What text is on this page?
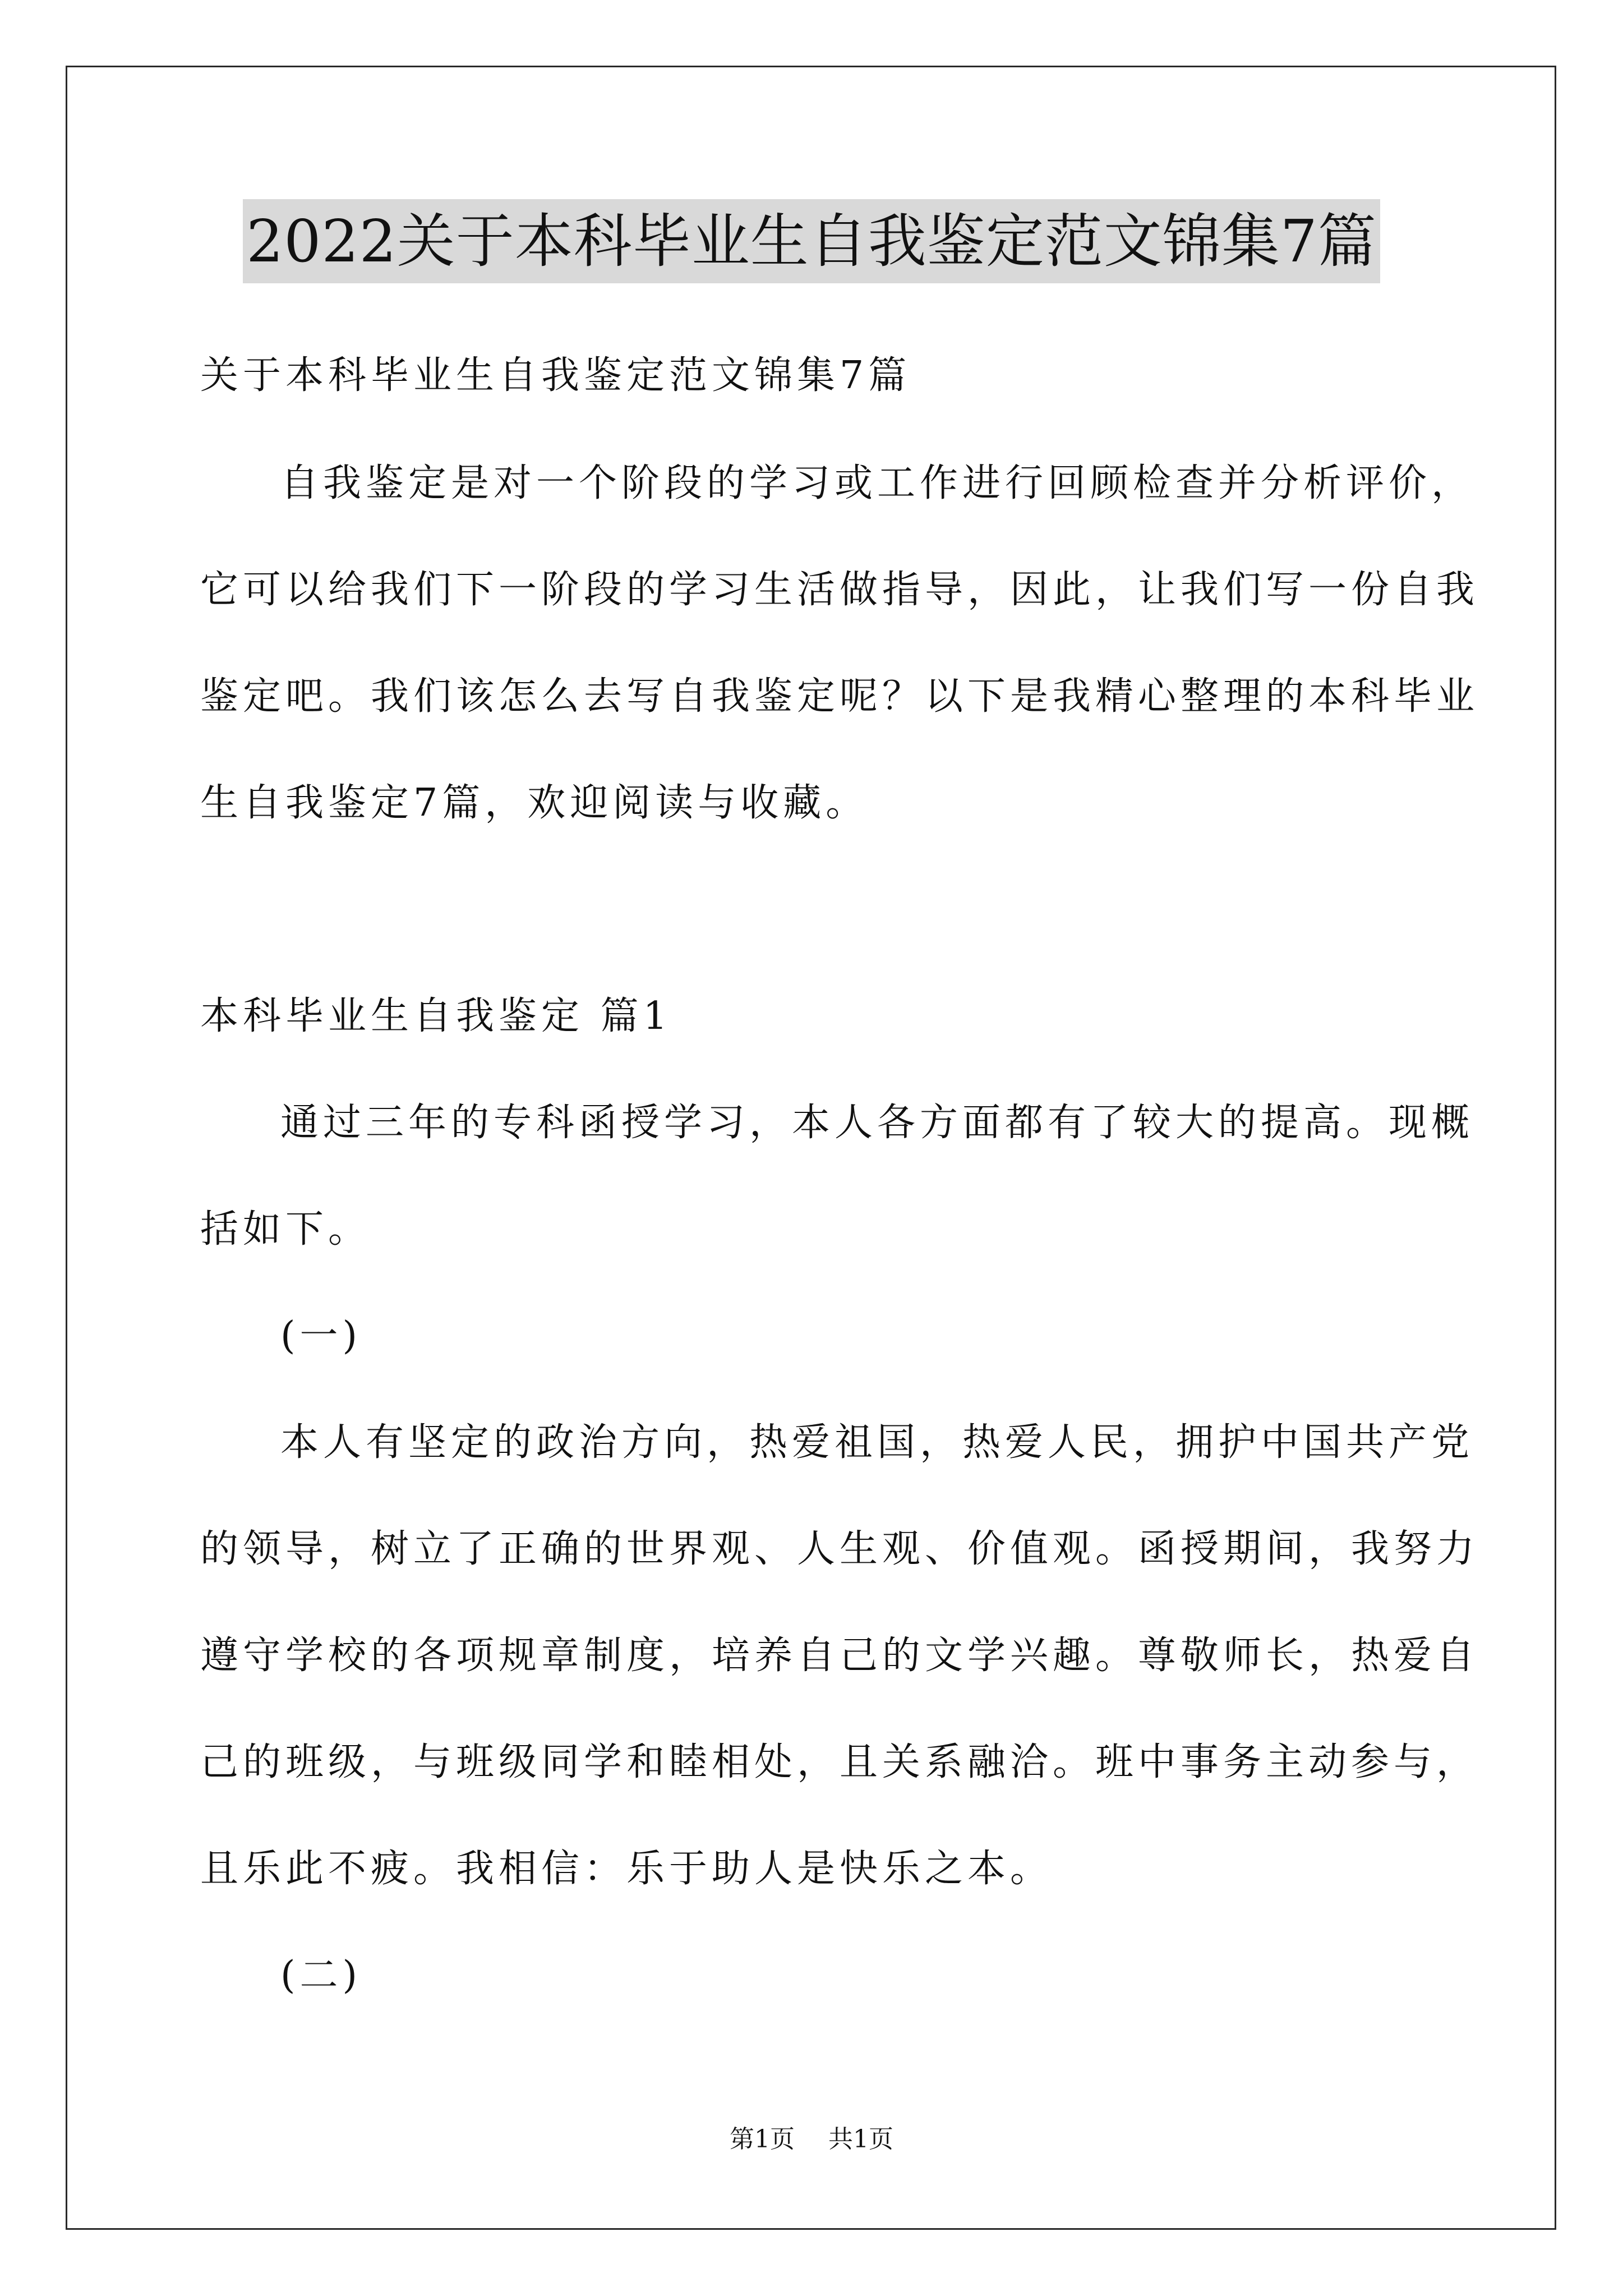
2022关于本科毕业生自我鉴定范文锦集7篇
关于本科毕业生自我鉴定范文锦集7篇
自我鉴定是对一个阶段的学习或工作进行回顾检查并分析评价，
它可以给我们下一阶段的学习生活做指导，因此，让我们写一份自我
鉴定吧。我们该怎么去写自我鉴定呢？以下是我精心整理的本科毕业
生自我鉴定7篇，欢迎阅读与收藏。
本科毕业生自我鉴定 篇1
通过三年的专科函授学习，本人各方面都有了较大的提高。现概
括如下。
(一)
本人有坚定的政治方向，热爱祖国，热爱人民，拥护中国共产党
的领导，树立了正确的世界观、人生观、价值观。函授期间，我努力
遵守学校的各项规章制度，培养自己的文学兴趣。尊敬师长，热爱自
己的班级，与班级同学和睦相处，且关系融洽。班中事务主动参与，
且乐此不疲。我相信：乐于助人是快乐之本。
(二)
第1页 共1页
